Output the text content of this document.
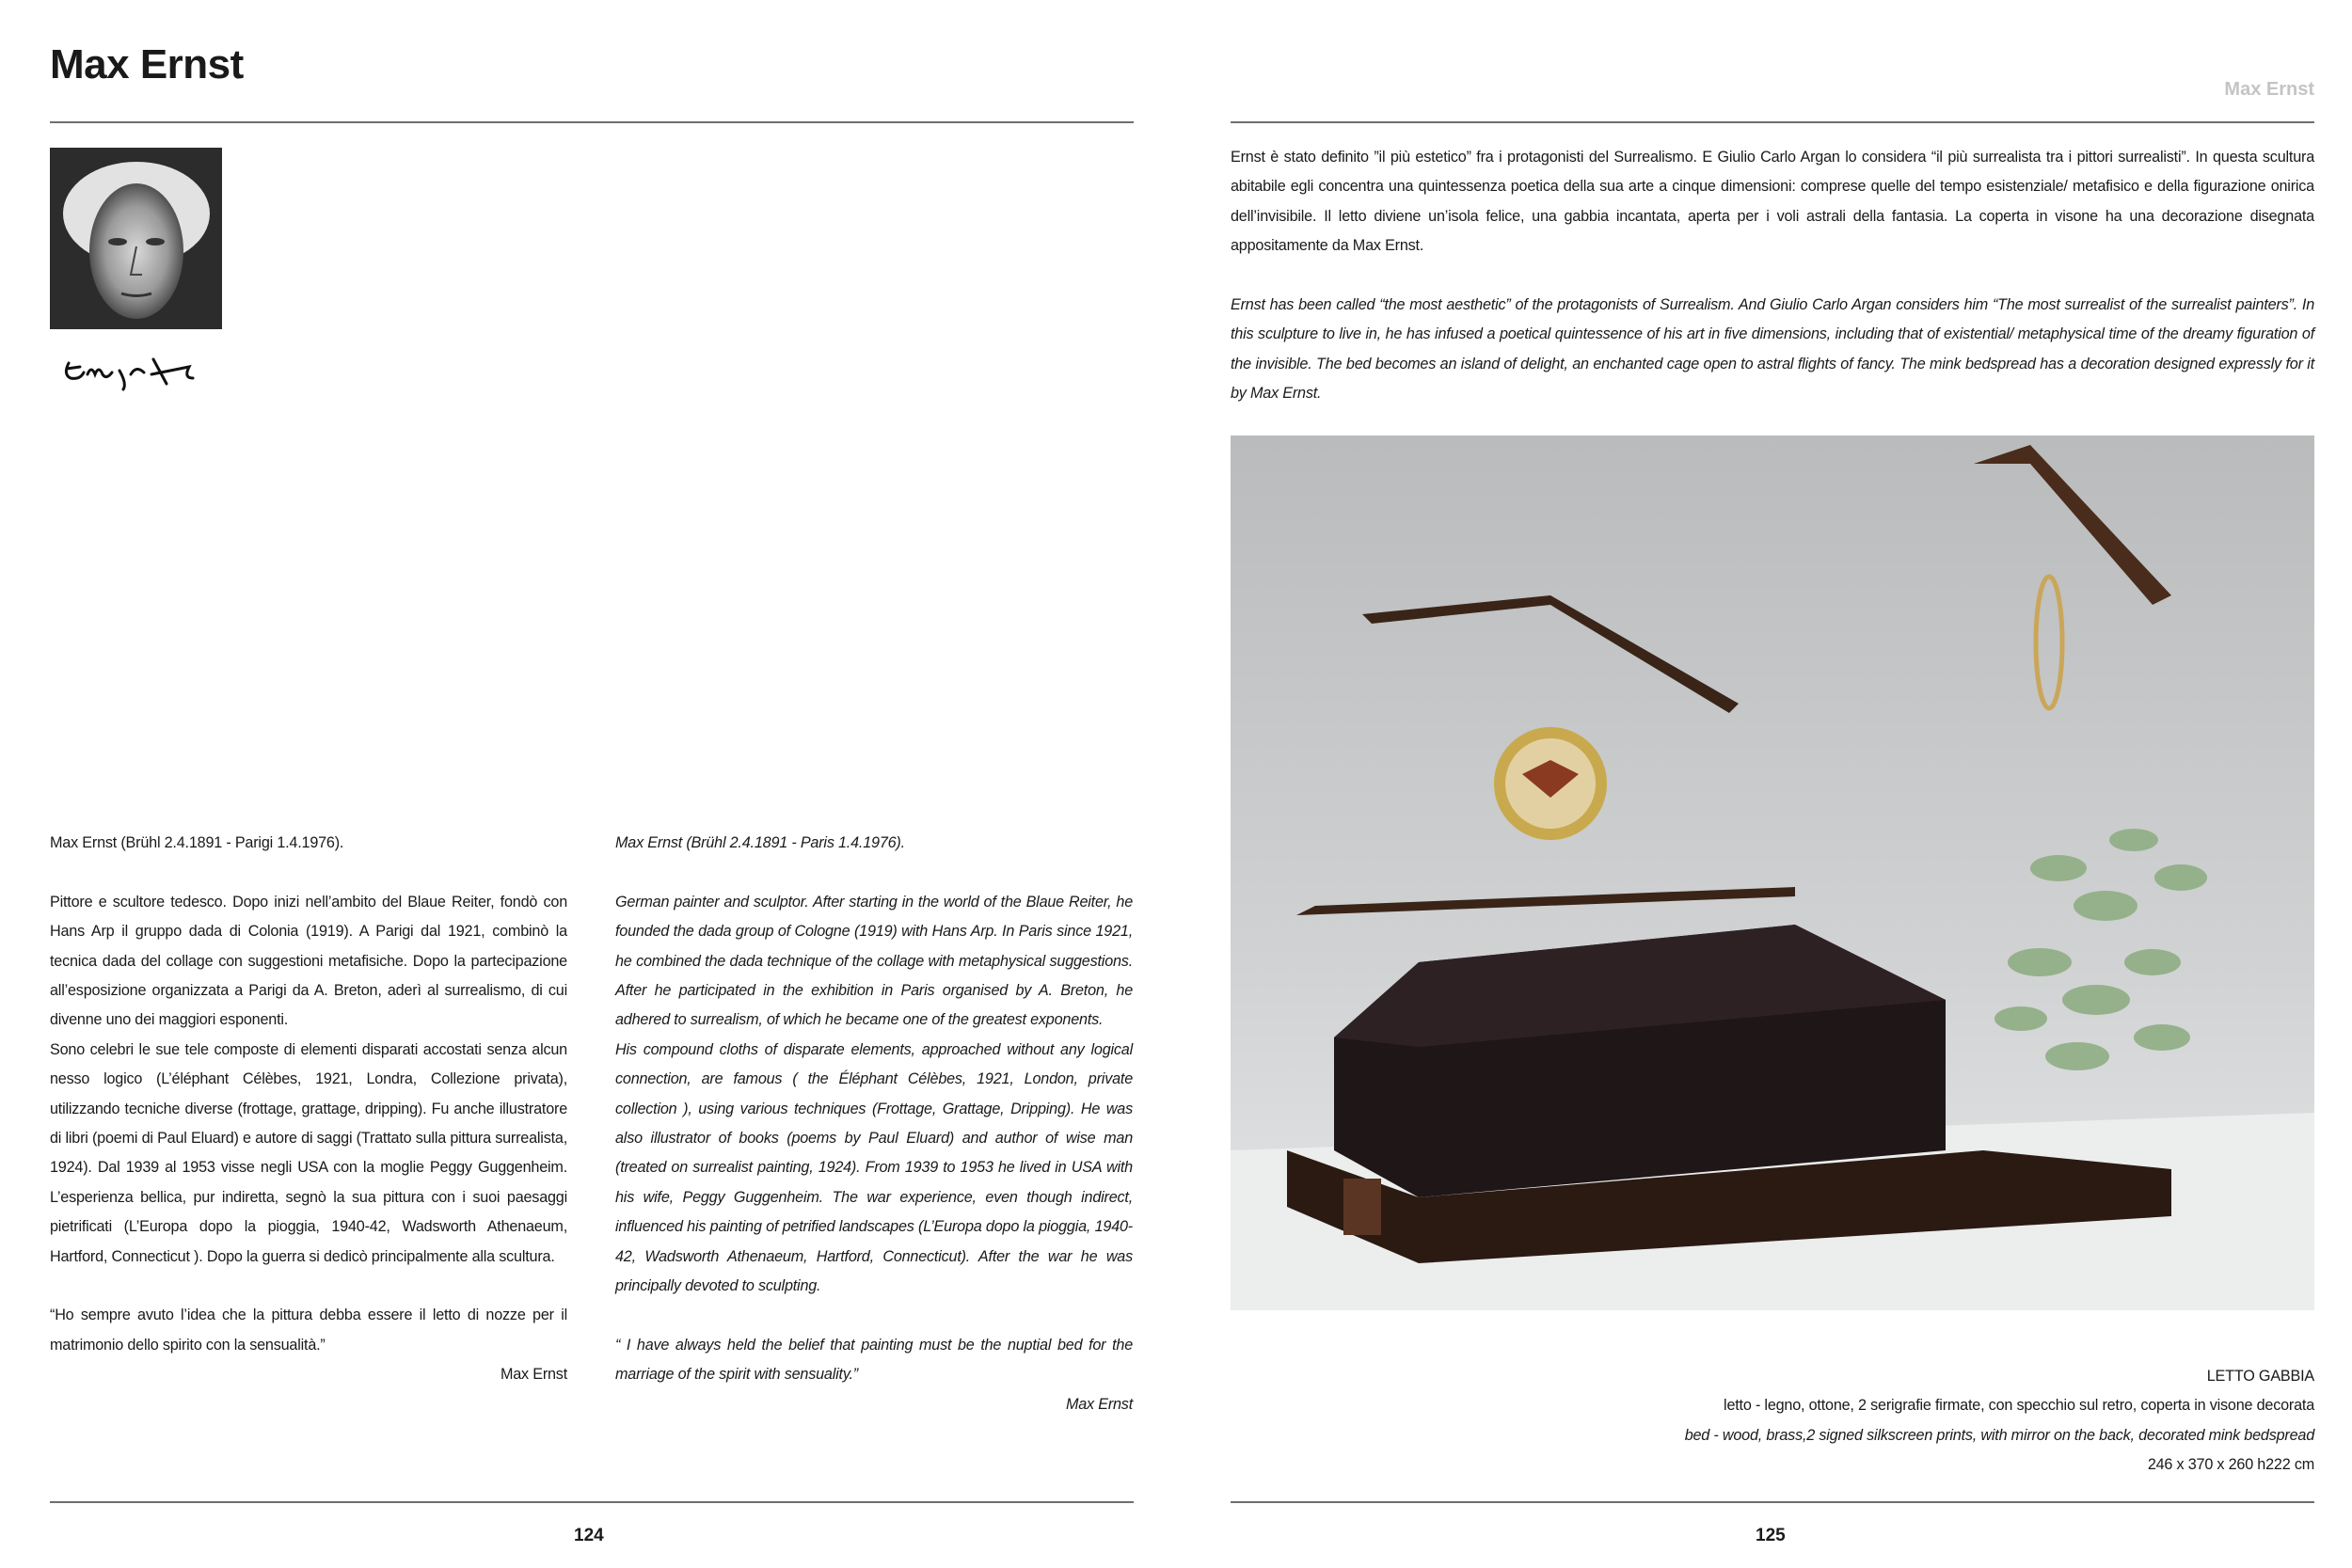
Max Ernst

Max Ernst (Brühl 2.4.1891 - Parigi 1.4.1976).

Pittore e scultore tedesco. Dopo inizi nell’ambito del Blaue Reiter, fondò con Hans Arp il gruppo dada di Colonia (1919). A Parigi dal 1921, combinò la tecnica dada del collage con suggestioni metafisiche. Dopo la partecipazione all’esposizione organizzata a Parigi da A. Breton, aderì al surrealismo, di cui divenne uno dei maggiori esponenti.

Sono celebri le sue tele composte di elementi disparati accostati senza alcun nesso logico (L’éléphant Célèbes, 1921, Londra, Collezione privata), utilizzando tecniche diverse (frottage, grattage, dripping). Fu anche illustratore di libri (poemi di Paul Eluard) e autore di saggi (Trattato sulla pittura surrealista, 1924). Dal 1939 al 1953 visse negli USA con la moglie Peggy Guggenheim. L’esperienza bellica, pur indiretta, segnò la sua pittura con i suoi paesaggi pietrificati (L’Europa dopo la pioggia, 1940-42, Wadsworth Athenaeum, Hartford, Connecticut ). Dopo la guerra si dedicò principalmente alla scultura.

“Ho sempre avuto l’idea che la pittura debba essere il letto di nozze per il matrimonio dello spirito con la sensualità.”

Max Ernst

Max Ernst (Brühl 2.4.1891 - Paris 1.4.1976).

German painter and sculptor. After starting in the world of the Blaue Reiter, he founded the dada group of Cologne (1919) with Hans Arp. In Paris since 1921, he combined the dada technique of the collage with metaphysical suggestions. After he participated in the exhibition in Paris organised by A. Breton, he adhered to surrealism, of which he became one of the greatest exponents.

His compound cloths of disparate elements, approached without any logical connection, are famous ( the Éléphant Célèbes, 1921, London, private collection ), using various techniques (Frottage, Grattage, Dripping). He was also illustrator of books (poems by Paul Eluard) and author of wise man (treated on surrealist painting, 1924). From 1939 to 1953 he lived in USA with his wife, Peggy Guggenheim. The war experience, even though indirect, influenced his painting of petrified landscapes (L’Europa dopo la pioggia, 1940-42, Wadsworth Athenaeum, Hartford, Connecticut). After the war he was principally devoted to sculpting.

“ I have always held the belief that painting must be the nuptial bed for the marriage of the spirit with sensuality.”

Max Ernst

124
Max Ernst

Ernst è stato definito ”il più estetico” fra i protagonisti del Surrealismo. E Giulio Carlo Argan lo considera “il più surrealista tra i pittori surrealisti”. In questa scultura abitabile egli concentra una quintessenza poetica della sua arte a cinque dimensioni: comprese quelle del tempo esistenziale/ metafisico e della figurazione onirica dell’invisibile. Il letto diviene un’isola felice, una gabbia incantata, aperta per i voli astrali della fantasia. La coperta in visone ha una decorazione disegnata appositamente da Max Ernst.

Ernst has been called “the most aesthetic” of the protagonists of Surrealism. And Giulio Carlo Argan considers him “The most surrealist of the surrealist painters”. In this sculpture to live in, he has infused a poetical quintessence of his art in five dimensions, including that of existential/ metaphysical time of the dreamy figuration of the invisible. The bed becomes an island of delight, an enchanted cage open to astral flights of fancy. The mink bedspread has a decoration designed expressly for it by Max Ernst.

LETTO GABBIA
letto - legno, ottone, 2 serigrafie firmate, con specchio sul retro, coperta in visone decorata
bed - wood, brass,2 signed silkscreen prints, with mirror on the back, decorated mink bedspread
246 x 370 x 260 h222 cm
125
